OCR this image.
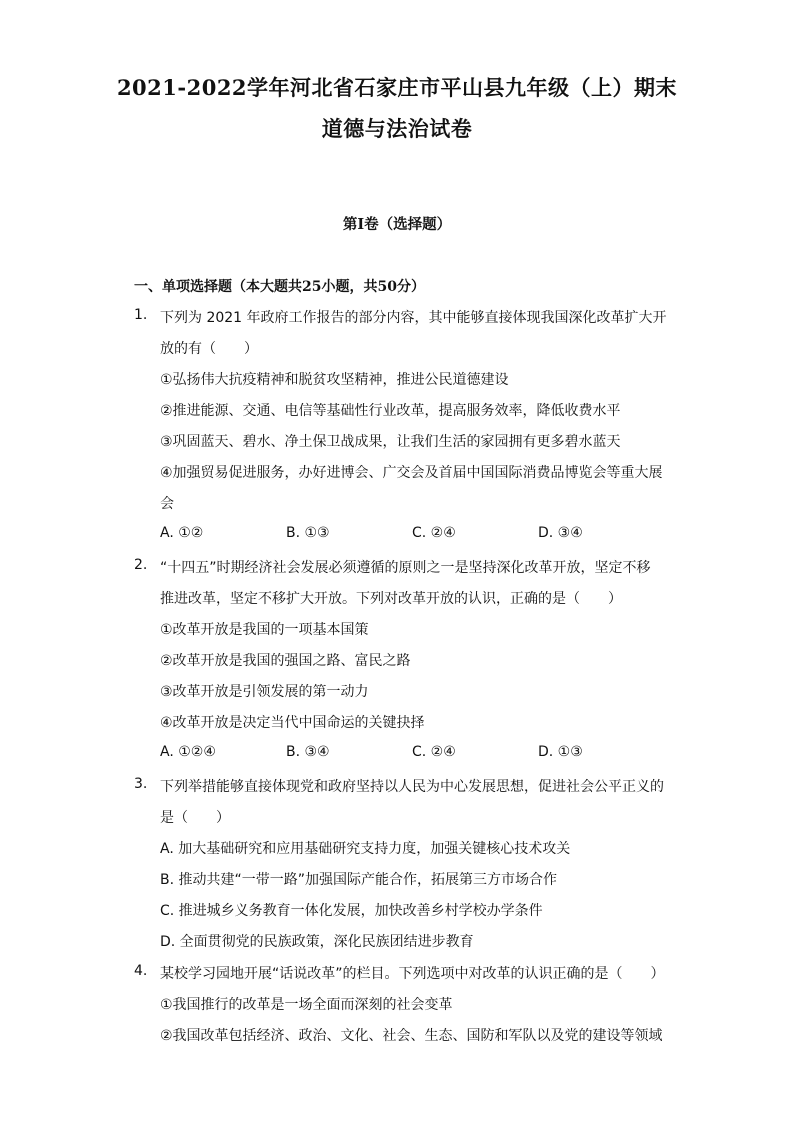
2021-2022学年河北省石家庄市平山县九年级（上）期末
道德与法治试卷
第I卷（选择题）
一、单项选择题（本大题共25小题，共50分）
1. 下列为 2021 年政府工作报告的部分内容，其中能够直接体现我国深化改革扩大开
放的有（　　）
①弘扬伟大抗疫精神和脱贫攻坚精神，推进公民道德建设
②推进能源、交通、电信等基础性行业改革，提高服务效率，降低收费水平
③巩固蓝天、碧水、净土保卫战成果，让我们生活的家园拥有更多碧水蓝天
④加强贸易促进服务，办好进博会、广交会及首届中国国际消费品博览会等重大展
会
A. ①②	B. ①③	C. ②④	D. ③④
2. “十四五”时期经济社会发展必须遵循的原则之一是坚持深化改革开放，坚定不移
推进改革，坚定不移扩大开放。下列对改革开放的认识，正确的是（　　）
①改革开放是我国的一项基本国策
②改革开放是我国的强国之路、富民之路
③改革开放是引领发展的第一动力
④改革开放是决定当代中国命运的关键抉择
A. ①②④	B. ③④	C. ②④	D. ①③
3. 下列举措能够直接体现党和政府坚持以人民为中心发展思想，促进社会公平正义的
是（　　）
A. 加大基础研究和应用基础研究支持力度，加强关键核心技术攻关
B. 推动共建“一带一路”加强国际产能合作，拓展第三方市场合作
C. 推进城乡义务教育一体化发展，加快改善乡村学校办学条件
D. 全面贯彻党的民族政策，深化民族团结进步教育
4. 某校学习园地开展“话说改革”的栏目。下列选项中对改革的认识正确的是（　　）
①我国推行的改革是一场全面而深刻的社会变革
②我国改革包括经济、政治、文化、社会、生态、国防和军队以及党的建设等领域
